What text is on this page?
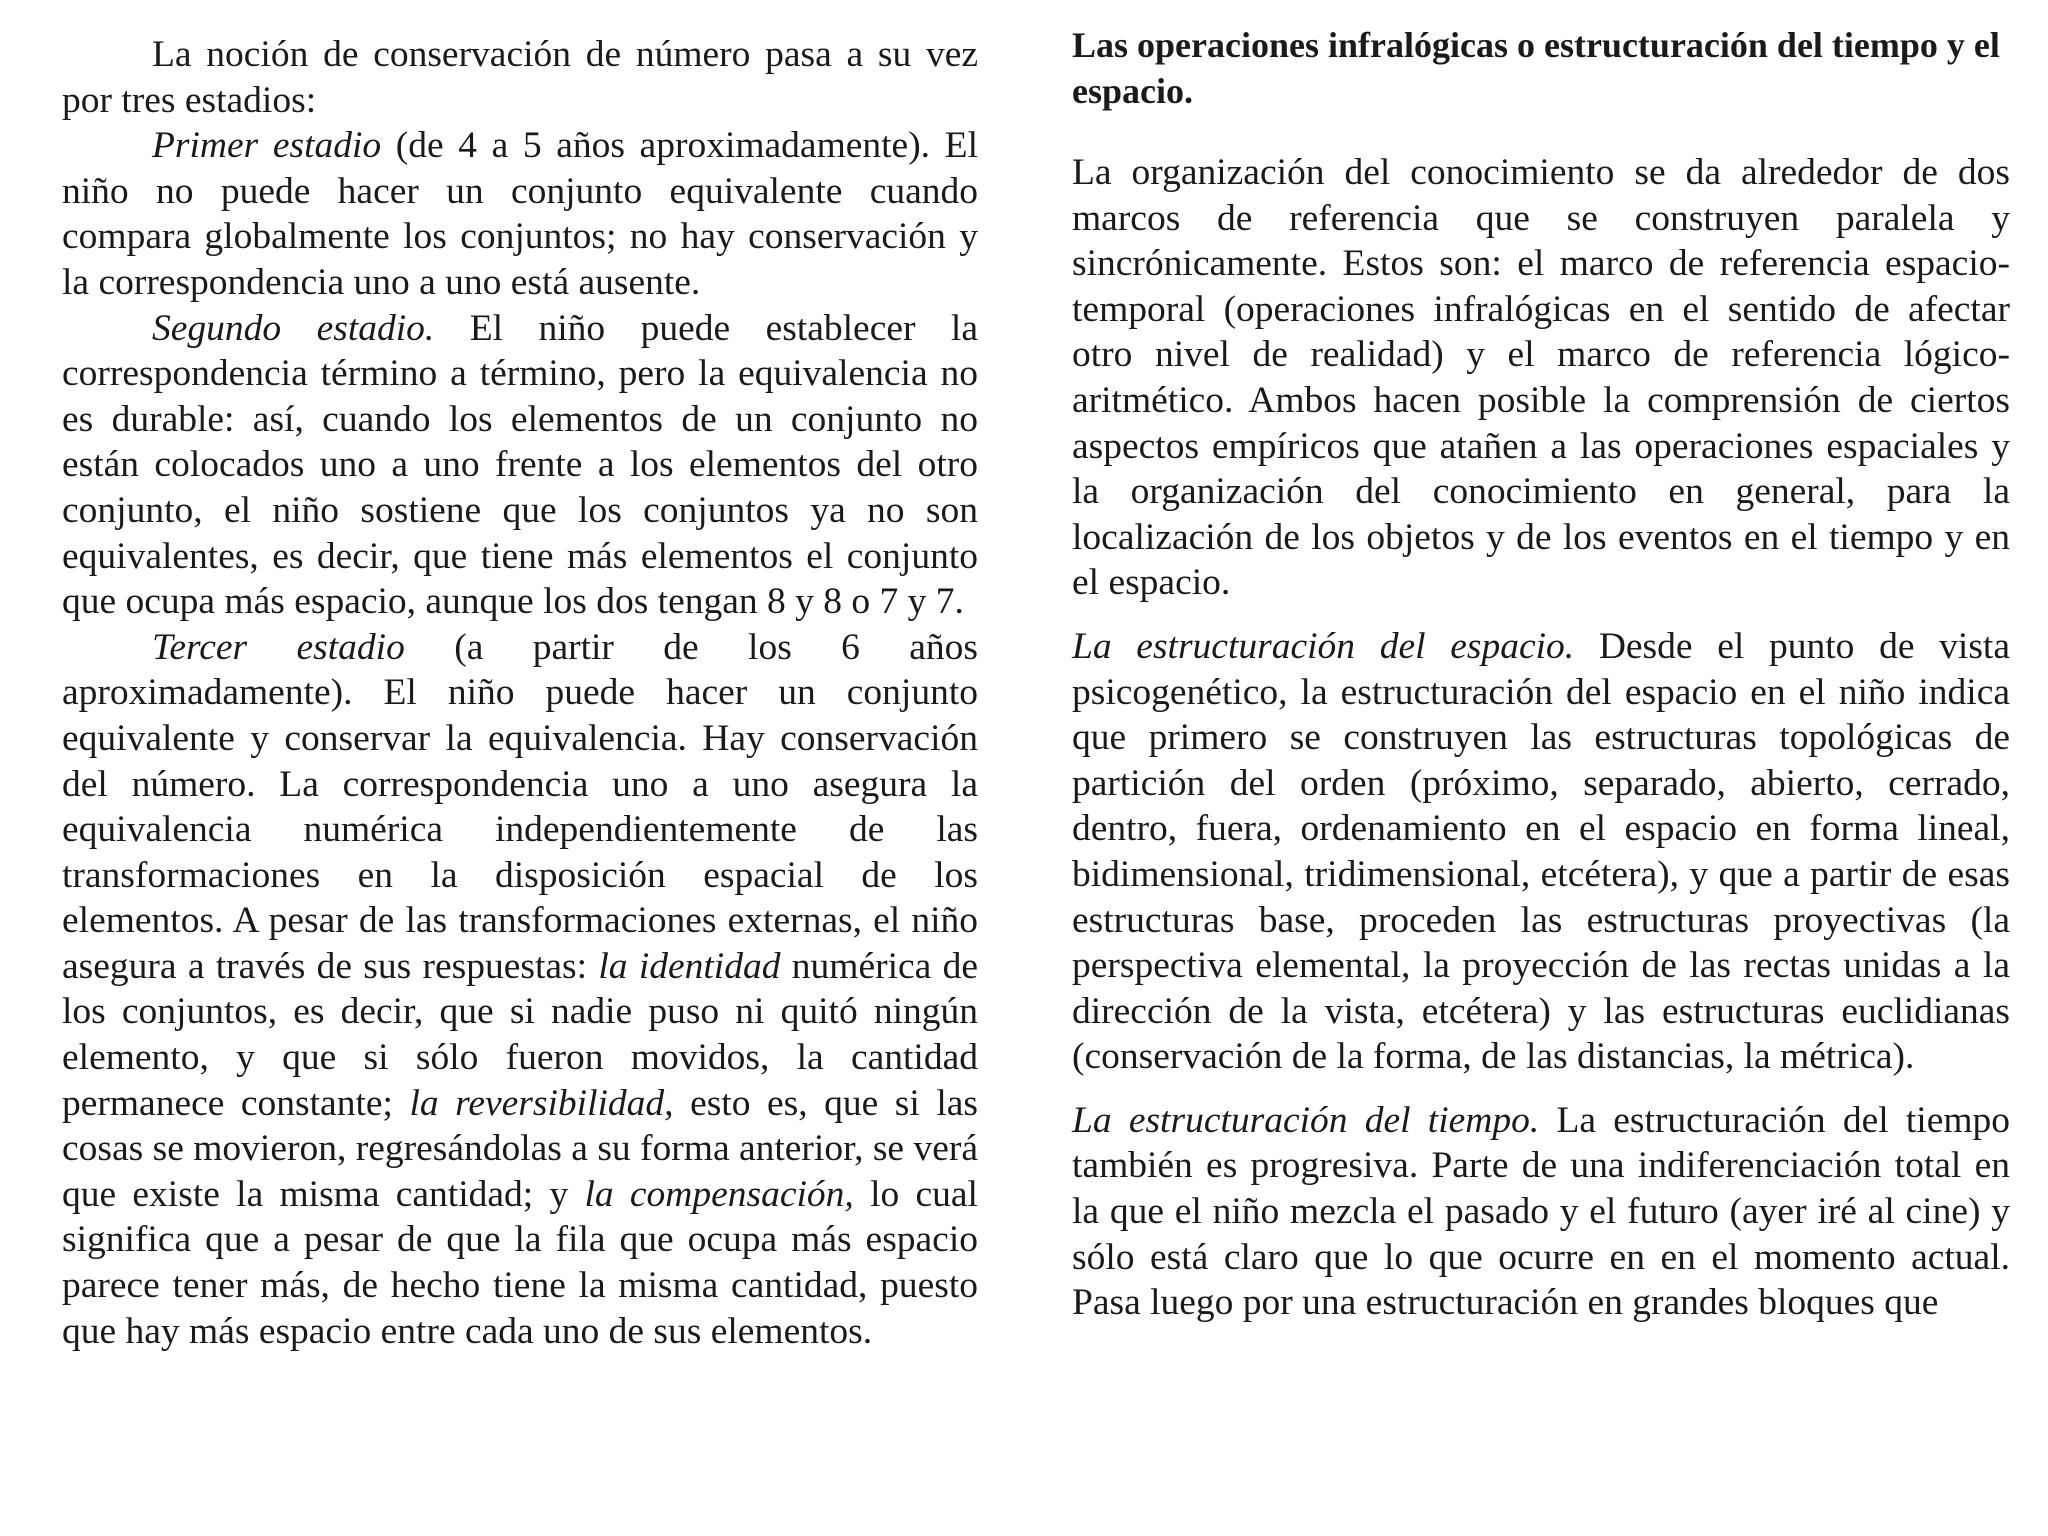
La noción de conservación de número pasa a su vez por tres estadios:

Primer estadio (de 4 a 5 años aproximadamente). El niño no puede hacer un conjunto equivalente cuando compara globalmente los conjuntos; no hay conservación y la correspondencia uno a uno está ausente.

Segundo estadio. El niño puede establecer la correspondencia término a término, pero la equivalencia no es durable: así, cuando los elementos de un conjunto no están colocados uno a uno frente a los elementos del otro conjunto, el niño sostiene que los conjuntos ya no son equivalentes, es decir, que tiene más elementos el conjunto que ocupa más espacio, aunque los dos tengan 8 y 8 o 7 y 7.

Tercer estadio (a partir de los 6 años aproximadamente). El niño puede hacer un conjunto equivalente y conservar la equivalencia. Hay conservación del número. La correspondencia uno a uno asegura la equivalencia numérica independientemente de las transformaciones en la disposición espacial de los elementos. A pesar de las transformaciones externas, el niño asegura a través de sus respuestas: la identidad numérica de los conjuntos, es decir, que si nadie puso ni quitó ningún elemento, y que si sólo fueron movidos, la cantidad permanece constante; la reversibilidad, esto es, que si las cosas se movieron, regresándolas a su forma anterior, se verá que existe la misma cantidad; y la compensación, lo cual significa que a pesar de que la fila que ocupa más espacio parece tener más, de hecho tiene la misma cantidad, puesto que hay más espacio entre cada uno de sus elementos.

Las operaciones infralógicas o estructuración del tiempo y el espacio.

La organización del conocimiento se da alrededor de dos marcos de referencia que se construyen paralela y sincrónicamente. Estos son: el marco de referencia espacio-temporal (operaciones infralógicas en el sentido de afectar otro nivel de realidad) y el marco de referencia lógico-aritmético. Ambos hacen posible la comprensión de ciertos aspectos empíricos que atañen a las operaciones espaciales y la organización del conocimiento en general, para la localización de los objetos y de los eventos en el tiempo y en el espacio.

La estructuración del espacio. Desde el punto de vista psicogenético, la estructuración del espacio en el niño indica que primero se construyen las estructuras topológicas de partición del orden (próximo, separado, abierto, cerrado, dentro, fuera, ordenamiento en el espacio en forma lineal, bidimensional, tridimensional, etcétera), y que a partir de esas estructuras base, proceden las estructuras proyectivas (la perspectiva elemental, la proyección de las rectas unidas a la dirección de la vista, etcétera) y las estructuras euclidianas (conservación de la forma, de las distancias, la métrica).

La estructuración del tiempo. La estructuración del tiempo también es progresiva. Parte de una indiferenciación total en la que el niño mezcla el pasado y el futuro (ayer iré al cine) y sólo está claro que lo que ocurre en en el momento actual. Pasa luego por una estructuración en grandes bloques que
